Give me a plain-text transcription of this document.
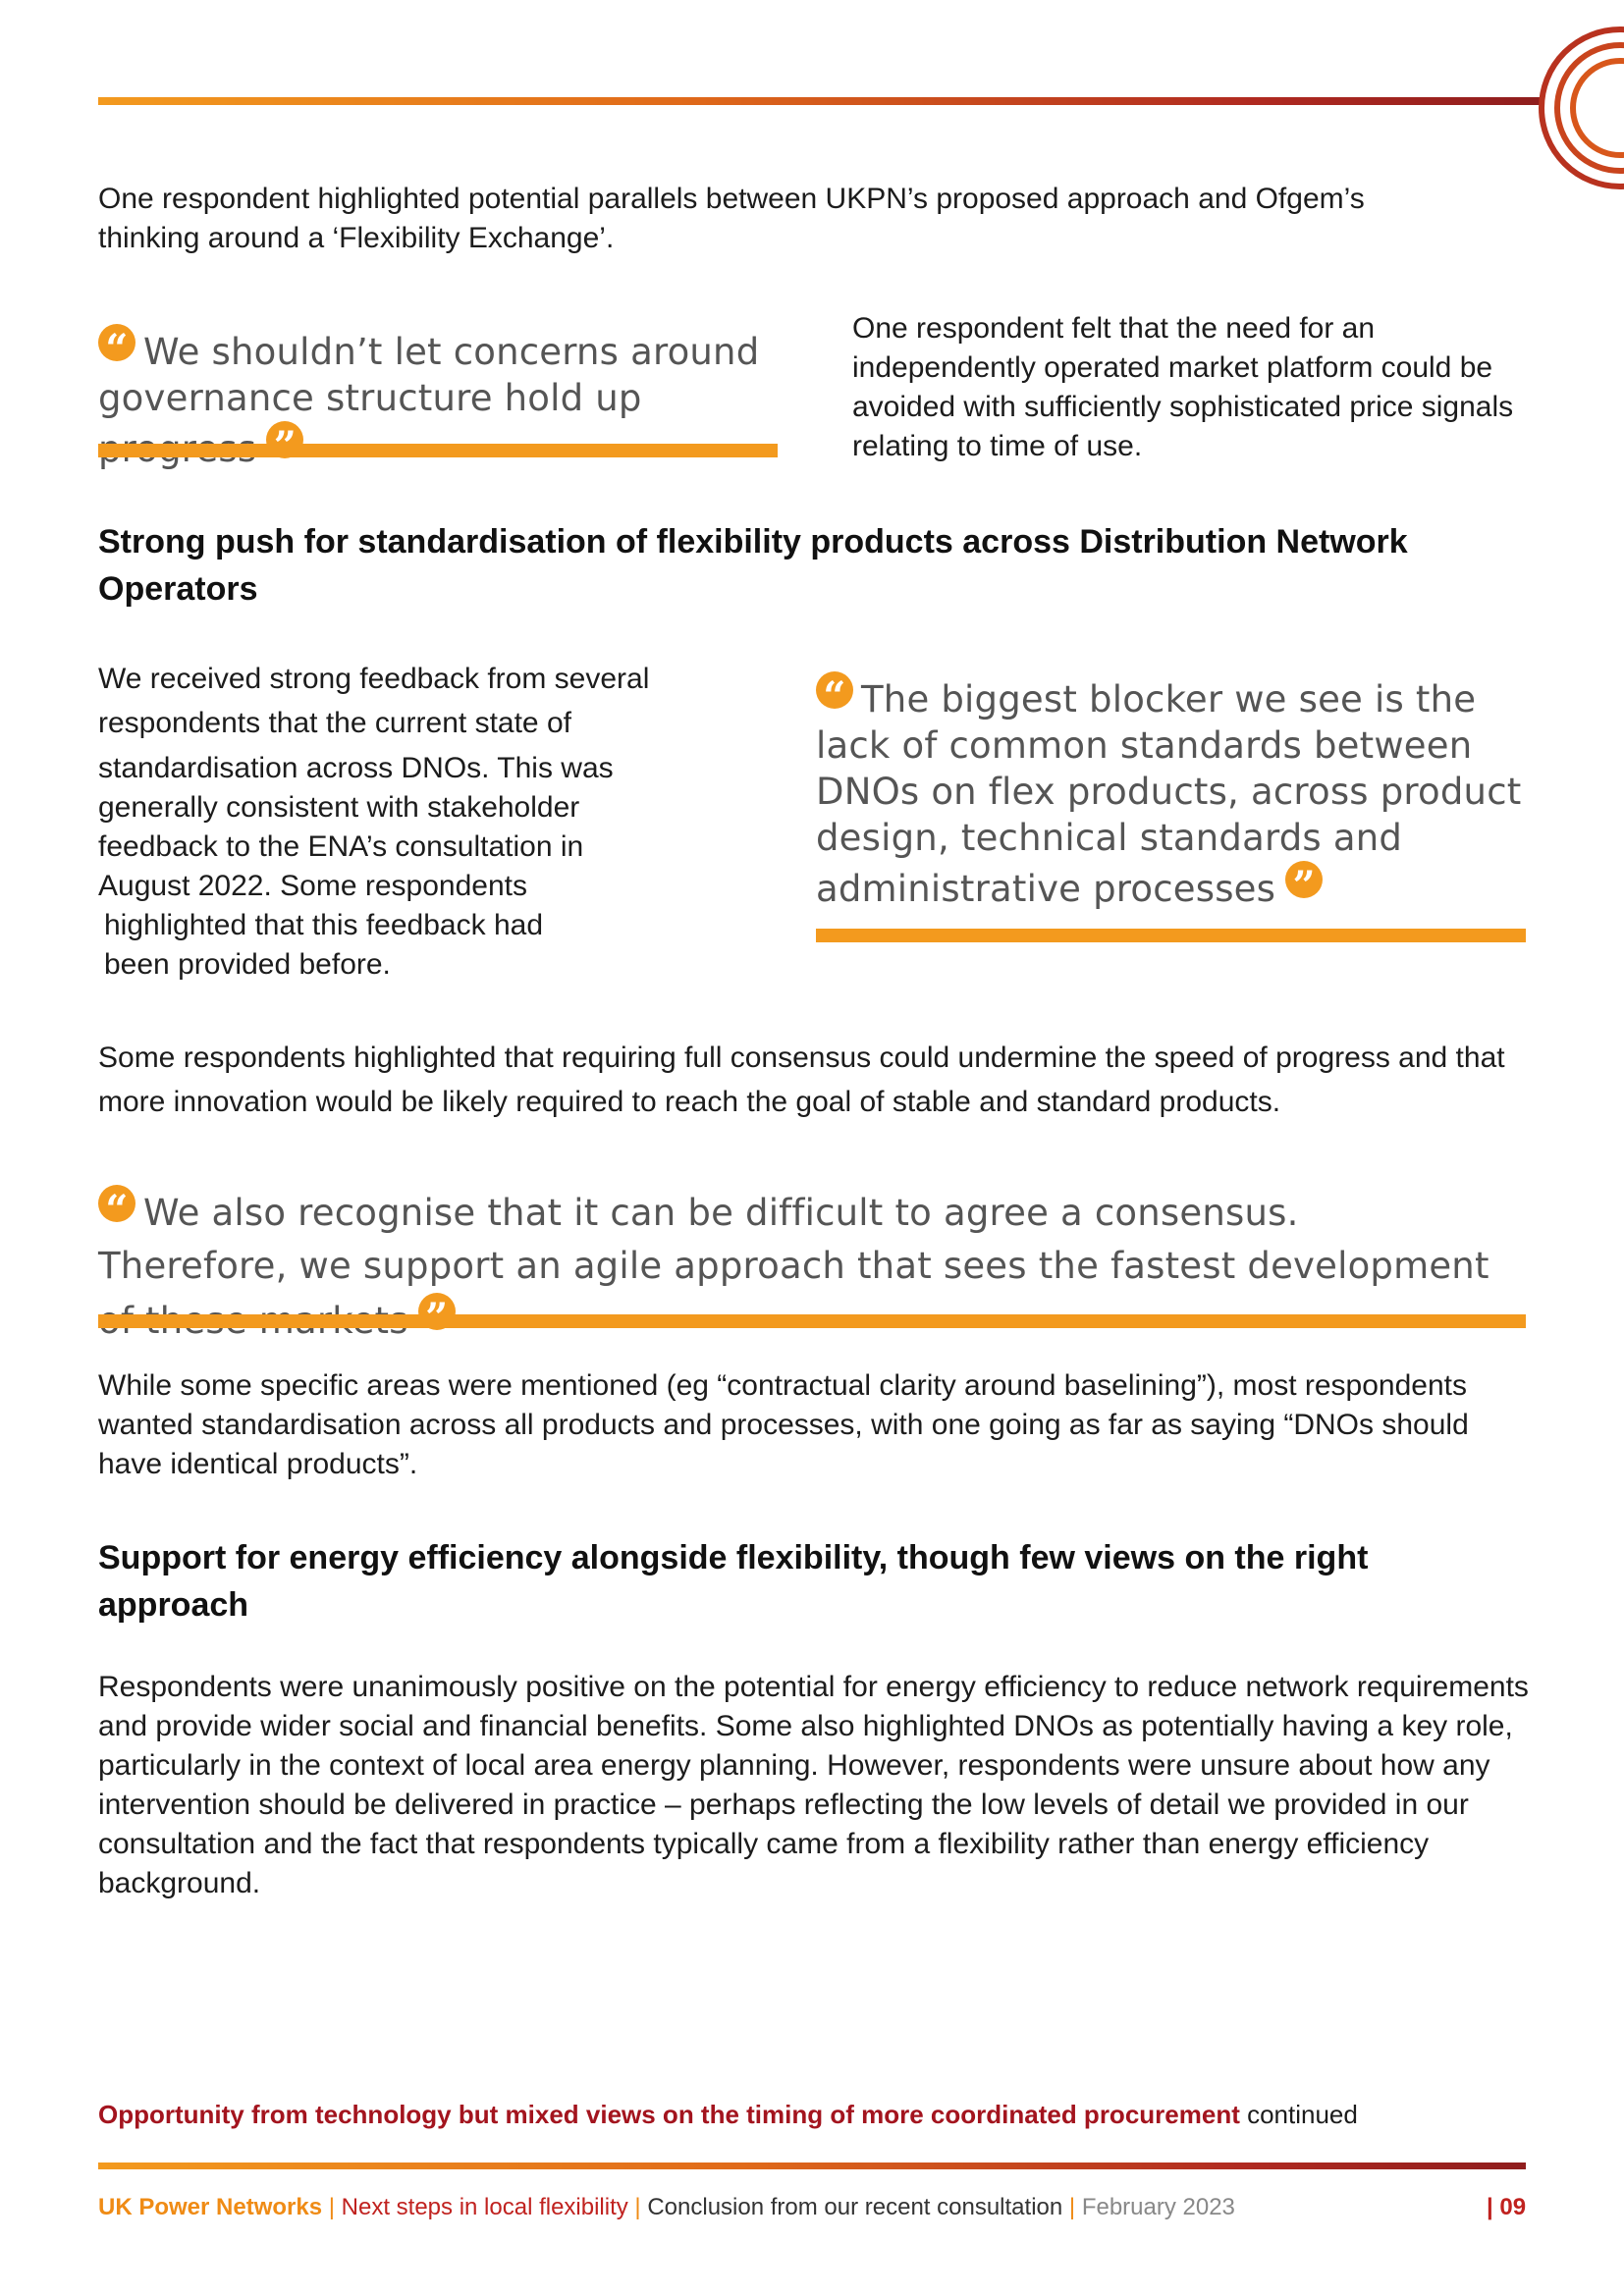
One respondent highlighted potential parallels between UKPN’s proposed approach and Ofgem’s thinking around a ‘Flexibility Exchange’.

“ We shouldn’t let concerns around governance structure hold up

One respondent felt that the need for an independently operated market platform could be avoided with sufficiently sophisticated price signals relating to time of use.

Strong push for standardisation of flexibility products across Distribution Network Operators

We received strong feedback from several

respondents that the current state of

standardisation across DNOs. This was

generally consistent with stakeholder

feedback to the ENA’s consultation in

August 2022. Some respondents

highlighted that this feedback had

been provided before.

“ The biggest blocker we see is the lack of common standards between DNOs on flex products, across product design, technical standards and administrative processes ”

Some respondents highlighted that requiring full consensus could undermine the speed of progress and that more innovation would be likely required to reach the goal of stable and standard products.

“ We also recognise that it can be difficult to agree a consensus. Therefore, we support an agile approach that sees the fastest development

While some specific areas were mentioned (eg “contractual clarity around baselining”), most respondents wanted standardisation across all products and processes, with one going as far as saying “DNOs should have identical products”.

Support for energy efficiency alongside flexibility, though few views on the right approach

Respondents were unanimously positive on the potential for energy efficiency to reduce network requirements and provide wider social and financial benefits. Some also highlighted DNOs as potentially having a key role, particularly in the context of local area energy planning. However, respondents were unsure about how any intervention should be delivered in practice – perhaps reflecting the low levels of detail we provided in our consultation and the fact that respondents typically came from a flexibility rather than energy efficiency background.

Opportunity from technology but mixed views on the timing of more coordinated procurement continued
UK Power Networks | Next steps in local flexibility | Conclusion from our recent consultation | February 2023	| 09
